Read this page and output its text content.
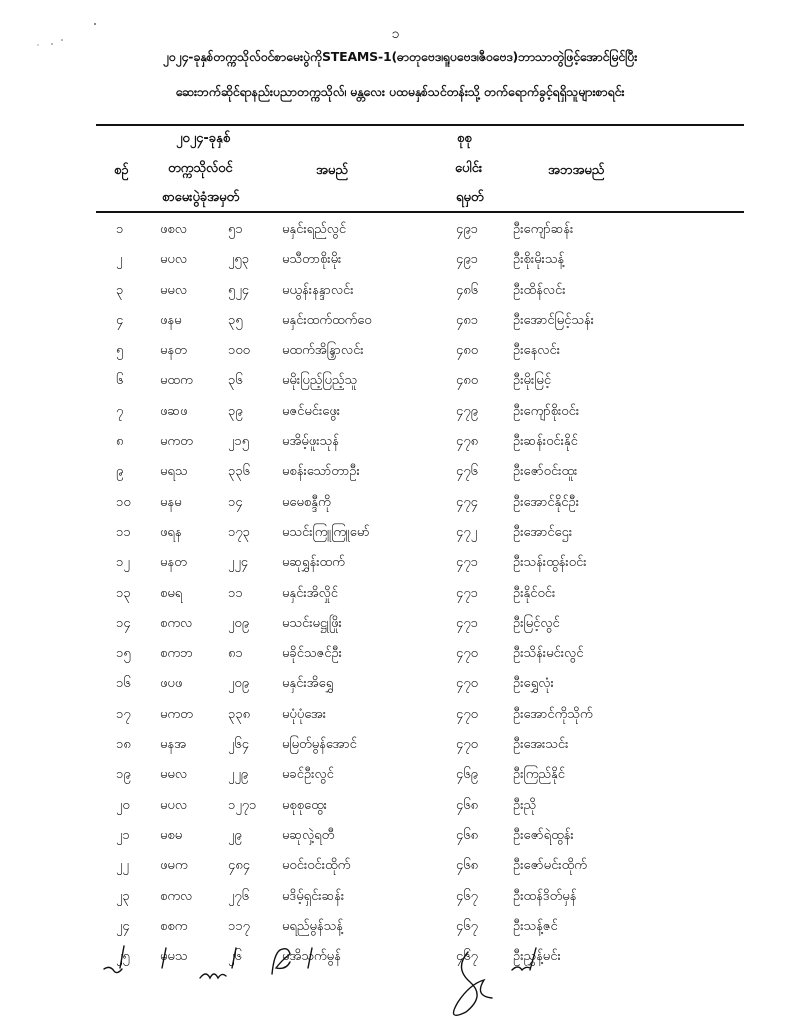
၁
၂၀၂၄-ခုနှစ်တက္ကသိုလ်ဝင်စာမေးပွဲကိုSTEAMS-1(ဓာတုဗေဒ၊ရူပဗေဒ၊ဇီဝဗေဒ)ဘာသာတွဲဖြင့်အောင်မြင်ပြီး
ဆေးဘက်ဆိုင်ရာနည်းပညာတက္ကသိုလ်၊ မန္တလေး ပထမနှစ်သင်တန်းသို့ တက်ရောက်ခွင့်ရရှိသူများစာရင်း
စဉ်
၂၀၂၄-ခုနှစ်
တက္ကသိုလ်ဝင်
စာမေးပွဲခုံအမှတ်
အမည်
စုစု
ပေါင်း
ရမှတ်
အဘအမည်
၁	ဖစလ	၅၁	မနှင်းရည်လွင်	၄၉၁	ဦးကျော်ဆန်း
၂	မပလ	၂၅၃	မသီတာစိုးမိုး	၄၉၁	ဦးစိုးမိုးသန့်
၃	မမလ	၅၂၄	မယွန်းနန္ဒာလင်း	၄၈၆	ဦးထိန်လင်း
၄	ဖနမ	၃၅	မနှင်းထက်ထက်ဝေ	၄၈၁	ဦးအောင်မြင့်သန်း
၅	မနတ	၁၀၀ မထက်အိန္ဒြာလင်း	၄၈၀	ဦးနေလင်း
၆	မထက	၃၆	မမိုးပြည့်ပြည့်သူ	၄၈၀	ဦးမိုးမြင့်
၇	ဖဆဖ	၃၉	မဇင်မင်းဖွေး	၄၇၉	ဦးကျော်စိုးဝင်း
၈	မကတ	၂၁၅	မအိမ့်ဖူးသုန်	၄၇၈	ဦးဆန်းဝင်းနိုင်
၉	မရသ	၃၃၆ မစန်းသော်တာဦး	၄၇၆	ဦးဇော်ဝင်းထူး
၁၀ မနမ	၁၄	မမေစန္ဒီကို	၄၇၄	ဦးအောင်နိုင်ဦး
၁၁ ဖရန	၁၇၃ မသင်းကြူကြူမော်	၄၇၂	ဦးအောင်ဌေး
၁၂ မနတ	၂၂၄	မဆုရွှန်းထက်	၄၇၁	ဦးသန်းထွန်းဝင်း
၁၃ စမရ	၁၁	မနှင်းအိလှိုင်	၄၇၁	ဦးနိုင်ဝင်း
၁၄ စကလ	၂၀၉	မသင်းမဋ္ဌုဖြိုး	၄၇၁	ဦးမြင့်လွင်
၁၅ စကဘ	၈၁	မခိုင်သဇင်ဦး	၄၇၀	ဦးသိန်းမင်းလွင်
၁၆ ဖပဖ	၂၀၉	မနှင်းအိရွှေ	၄၇၀	ဦးရွှေလုံး
၁၇ မကတ	၃၃၈ မပုံပုံအေး	၄၇၀	ဦးအောင်ကိုသိုက်
၁၈ မနအ	၂၆၄	မမြတ်မွန်အောင်	၄၇၀	ဦးအေးသင်း
၁၉ မမလ	၂၂၉	မခင်ဦးလွင်	၄၆၉	ဦးကြည်နိုင်
၂၀ မပလ	၁၂၇၁ မစုစုထွေး	၄၆၈	ဦးညို
၂၁ မစမ	၂၉	မဆုလှဲ့ရတီ	၄၆၈	ဦးဇော်ရဲထွန်း
၂၂ ဖမက	၄၈၄ မဝင်းဝင်းထိုက်	၄၆၈	ဦးဇော်မင်းထိုက်
၂၃ စကလ	၂၇၆	မဒိမ့်ရှင်းဆန်း	၄၆၇	ဦးထန်ဒိတ်မှန်
၂၄ စစက	၁၁၇ မရည်မွန်သန့်	၄၆၇	ဦးသန့်ဇင်
၂၅ မမသ	၂၆	မအိသက်မွန်	၄၆၇	ဦးညွှန့်မင်း
